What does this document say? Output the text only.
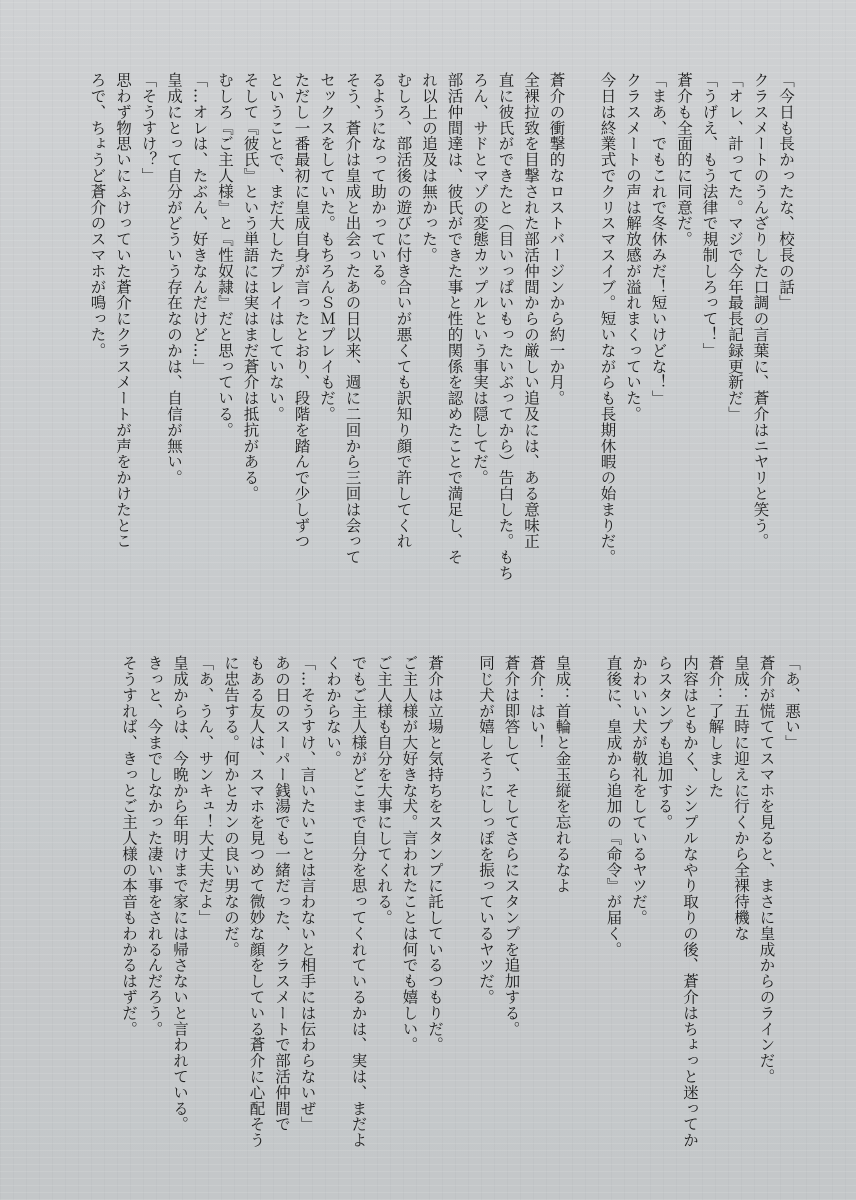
「今日も長かったな、校長の話」
クラスメートのうんざりした口調の言葉に、蒼介はニヤリと笑う。
「オレ、計ってた。マジで今年最長記録更新だ」
「うげえ、もう法律で規制しろって！」
蒼介も全面的に同意だ。
「まあ、でもこれで冬休みだ！短いけどな！」
クラスメートの声は解放感が溢れまくっていた。
今日は終業式でクリスマスイブ。短いながらも長期休暇の始まりだ。
蒼介の衝撃的なロストバージンから約一か月。
全裸拉致を目撃された部活仲間からの厳しい追及には、ある意味正
直に彼氏ができたと（目いっぱいもったいぶってから）告白した。もち
ろん、サドとマゾの変態カップルという事実は隠してだ。
部活仲間達は、彼氏ができた事と性的関係を認めたことで満足し、そ
れ以上の追及は無かった。
むしろ、部活後の遊びに付き合いが悪くても訳知り顔で許してくれ
るようになって助かっている。
そう、蒼介は皇成と出会ったあの日以来、週に二回から三回は会って
セックスをしていた。もちろんＳＭプレイもだ。
ただし一番最初に皇成自身が言ったとおり、段階を踏んで少しずつ
ということで、まだ大したプレイはしていない。
そして『彼氏』という単語には実はまだ蒼介は抵抗がある。
むしろ『ご主人様』と『性奴隷』だと思っている。
「…オレは、たぶん、好きなんだけど…」
皇成にとって自分がどういう存在なのかは、自信が無い。
「そうすけ？」
思わず物思いにふけっていた蒼介にクラスメートが声をかけたとこ
ろで、ちょうど蒼介のスマホが鳴った。
「あ、悪い」
蒼介が慌ててスマホを見ると、まさに皇成からのラインだ。
皇成：五時に迎えに行くから全裸待機な
蒼介：了解しました
内容はともかく、シンプルなやり取りの後、蒼介はちょっと迷ってか
らスタンプも追加する。
かわいい犬が敬礼をしているヤツだ。
直後に、皇成から追加の『命令』が届く。
皇成：首輪と金玉縦を忘れるなよ
蒼介：はい！
蒼介は即答して、そしてさらにスタンプを追加する。
同じ犬が嬉しそうにしっぽを振っているヤツだ。
蒼介は立場と気持ちをスタンプに託しているつもりだ。
ご主人様が大好きな犬。言われたことは何でも嬉しい。
ご主人様も自分を大事にしてくれる。
でもご主人様がどこまで自分を思ってくれているかは、実は、まだよ
くわからない。
「…そうすけ、言いたいことは言わないと相手には伝わらないぜ」
あの日のスーパー銭湯でも一緒だった、クラスメートで部活仲間で
もある友人は、スマホを見つめて微妙な顔をしている蒼介に心配そう
に忠告する。何かとカンの良い男なのだ。
「あ、うん、サンキュ！大丈夫だよ」
皇成からは、今晩から年明けまで家には帰さないと言われている。
きっと、今までしなかった凄い事をされるんだろう。
そうすれば、きっとご主人様の本音もわかるはずだ。
